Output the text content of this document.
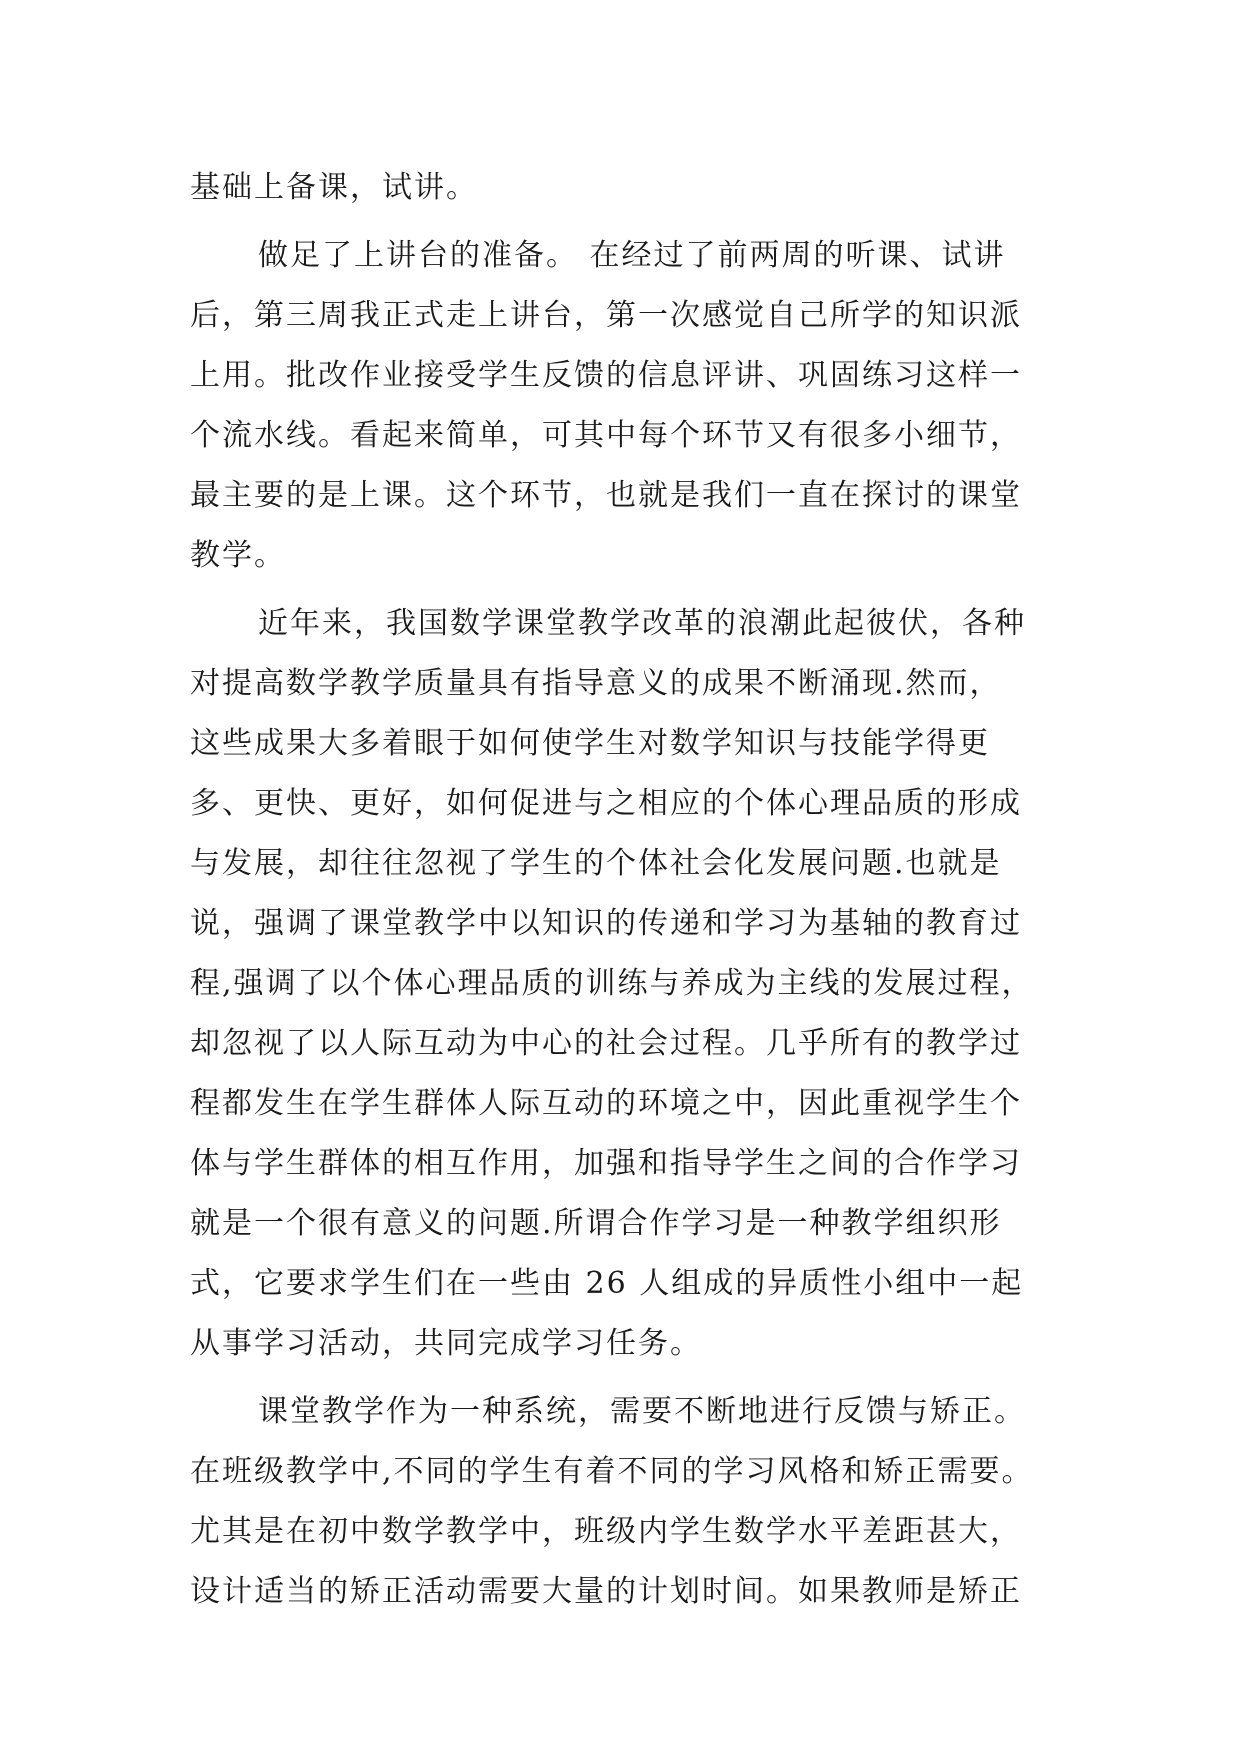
基础上备课，试讲。
做足了上讲台的准备。 在经过了前两周的听课、试讲
后，第三周我正式走上讲台，第一次感觉自己所学的知识派
上用。批改作业接受学生反馈的信息评讲、巩固练习这样一
个流水线。看起来简单，可其中每个环节又有很多小细节，
最主要的是上课。这个环节，也就是我们一直在探讨的课堂
教学。
近年来，我国数学课堂教学改革的浪潮此起彼伏，各种
对提高数学教学质量具有指导意义的成果不断涌现.然而，
这些成果大多着眼于如何使学生对数学知识与技能学得更
多、更快、更好，如何促进与之相应的个体心理品质的形成
与发展，却往往忽视了学生的个体社会化发展问题.也就是
说，强调了课堂教学中以知识的传递和学习为基轴的教育过
程,强调了以个体心理品质的训练与养成为主线的发展过程，
却忽视了以人际互动为中心的社会过程。几乎所有的教学过
程都发生在学生群体人际互动的环境之中，因此重视学生个
体与学生群体的相互作用，加强和指导学生之间的合作学习
就是一个很有意义的问题.所谓合作学习是一种教学组织形
式，它要求学生们在一些由 26 人组成的异质性小组中一起
从事学习活动，共同完成学习任务。
课堂教学作为一种系统，需要不断地进行反馈与矫正。
在班级教学中,不同的学生有着不同的学习风格和矫正需要。
尤其是在初中数学教学中，班级内学生数学水平差距甚大，
设计适当的矫正活动需要大量的计划时间。如果教师是矫正
